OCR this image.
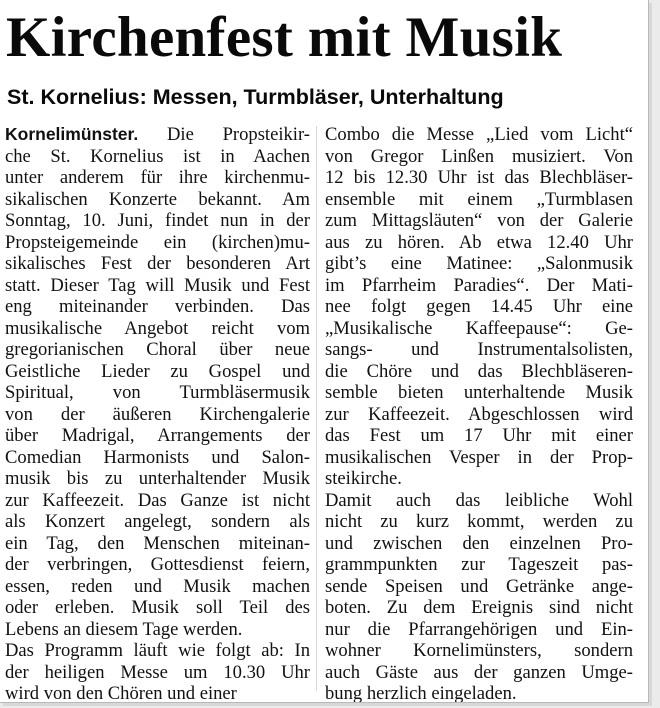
Kirchenfest mit Musik
St. Kornelius: Messen, Turmbläser, Unterhaltung
Kornelimünster. Die Propsteikir-
che St. Kornelius ist in Aachen
unter anderem für ihre kirchenmu-
sikalischen Konzerte bekannt. Am
Sonntag, 10. Juni, findet nun in der
Propsteigemeinde ein (kirchen)mu-
sikalisches Fest der besonderen Art
statt. Dieser Tag will Musik und Fest
eng miteinander verbinden. Das
musikalische Angebot reicht vom
gregorianischen Choral über neue
Geistliche Lieder zu Gospel und
Spiritual, von Turmbläsermusik
von der äußeren Kirchengalerie
über Madrigal, Arrangements der
Comedian Harmonists und Salon-
musik bis zu unterhaltender Musik
zur Kaffeezeit. Das Ganze ist nicht
als Konzert angelegt, sondern als
ein Tag, den Menschen miteinan-
der verbringen, Gottesdienst feiern,
essen, reden und Musik machen
oder erleben. Musik soll Teil des
Lebens an diesem Tage werden.
Das Programm läuft wie folgt ab: In
der heiligen Messe um 10.30 Uhr
wird von den Chören und einer
Combo die Messe „Lied vom Licht“
von Gregor Linßen musiziert. Von
12 bis 12.30 Uhr ist das Blechbläser-
ensemble mit einem „Turmblasen
zum Mittagsläuten“ von der Galerie
aus zu hören. Ab etwa 12.40 Uhr
gibt’s eine Matinee: „Salonmusik
im Pfarrheim Paradies“. Der Mati-
nee folgt gegen 14.45 Uhr eine
„Musikalische Kaffeepause“: Ge-
sangs- und Instrumentalsolisten,
die Chöre und das Blechbläseren-
semble bieten unterhaltende Musik
zur Kaffeezeit. Abgeschlossen wird
das Fest um 17 Uhr mit einer
musikalischen Vesper in der Prop-
steikirche.
Damit auch das leibliche Wohl
nicht zu kurz kommt, werden zu
und zwischen den einzelnen Pro-
grammpunkten zur Tageszeit pas-
sende Speisen und Getränke ange-
boten. Zu dem Ereignis sind nicht
nur die Pfarrangehörigen und Ein-
wohner Kornelimünsters, sondern
auch Gäste aus der ganzen Umge-
bung herzlich eingeladen.
